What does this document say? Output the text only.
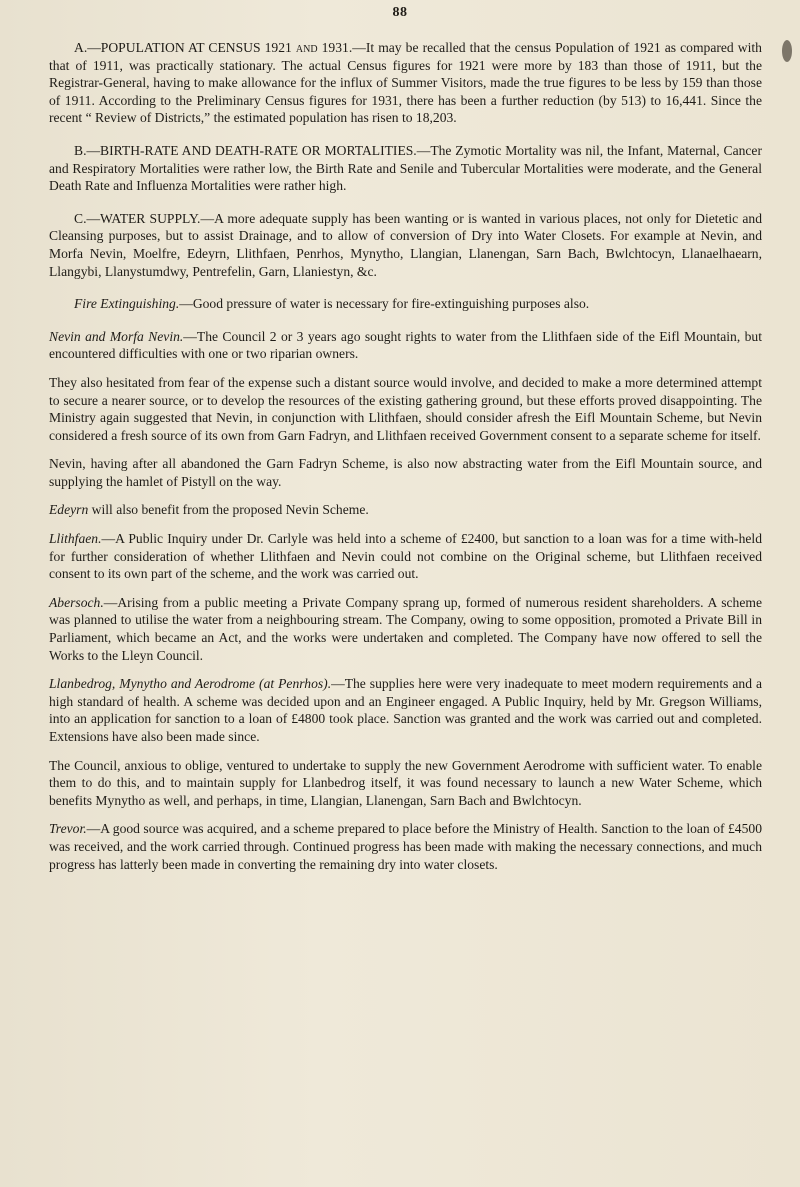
88

A.—POPULATION AT CENSUS 1921 and 1931.—It may be recalled that the census Population of 1921 as compared with that of 1911, was practically stationary. The actual Census figures for 1921 were more by 183 than those of 1911, but the Registrar-General, having to make allowance for the influx of Summer Visitors, made the true figures to be less by 159 than those of 1911. According to the Preliminary Census figures for 1931, there has been a further reduction (by 513) to 16,441. Since the recent “ Review of Districts,” the estimated population has risen to 18,203.

B.—BIRTH-RATE AND DEATH-RATE OR MORTALITIES.—The Zymotic Mortality was nil, the Infant, Maternal, Cancer and Respiratory Mortalities were rather low, the Birth Rate and Senile and Tubercular Mortalities were moderate, and the General Death Rate and Influenza Mortalities were rather high.

C.—WATER SUPPLY.—A more adequate supply has been wanting or is wanted in various places, not only for Dietetic and Cleansing purposes, but to assist Drainage, and to allow of conversion of Dry into Water Closets. For example at Nevin, and Morfa Nevin, Moelfre, Edeyrn, Llithfaen, Penrhos, Mynytho, Llangian, Llanengan, Sarn Bach, Bwlchtocyn, Llanaelhaearn, Llangybi, Llanystumdwy, Pentrefelin, Garn, Llaniestyn, &c.

Fire Extinguishing.—Good pressure of water is necessary for fire-extinguishing purposes also.

Nevin and Morfa Nevin.—The Council 2 or 3 years ago sought rights to water from the Llithfaen side of the Eifl Mountain, but encountered difficulties with one or two riparian owners.

They also hesitated from fear of the expense such a distant source would involve, and decided to make a more determined attempt to secure a nearer source, or to develop the resources of the existing gathering ground, but these efforts proved disappointing. The Ministry again suggested that Nevin, in conjunction with Llithfaen, should consider afresh the Eifl Mountain Scheme, but Nevin considered a fresh source of its own from Garn Fadryn, and Llithfaen received Government consent to a separate scheme for itself.

Nevin, having after all abandoned the Garn Fadryn Scheme, is also now abstracting water from the Eifl Mountain source, and supplying the hamlet of Pistyll on the way.

Edeyrn will also benefit from the proposed Nevin Scheme.

Llithfaen.—A Public Inquiry under Dr. Carlyle was held into a scheme of £2400, but sanction to a loan was for a time with-held for further consideration of whether Llithfaen and Nevin could not combine on the Original scheme, but Llithfaen received consent to its own part of the scheme, and the work was carried out.

Abersoch.—Arising from a public meeting a Private Company sprang up, formed of numerous resident shareholders. A scheme was planned to utilise the water from a neighbouring stream. The Company, owing to some opposition, promoted a Private Bill in Parliament, which became an Act, and the works were undertaken and completed. The Company have now offered to sell the Works to the Lleyn Council.

Llanbedrog, Mynytho and Aerodrome (at Penrhos).—The supplies here were very inadequate to meet modern requirements and a high standard of health. A scheme was decided upon and an Engineer engaged. A Public Inquiry, held by Mr. Gregson Williams, into an application for sanction to a loan of £4800 took place. Sanction was granted and the work was carried out and completed. Extensions have also been made since.

The Council, anxious to oblige, ventured to undertake to supply the new Government Aerodrome with sufficient water. To enable them to do this, and to maintain supply for Llanbedrog itself, it was found necessary to launch a new Water Scheme, which benefits Mynytho as well, and perhaps, in time, Llangian, Llanengan, Sarn Bach and Bwlchtocyn.

Trevor.—A good source was acquired, and a scheme prepared to place before the Ministry of Health. Sanction to the loan of £4500 was received, and the work carried through. Continued progress has been made with making the necessary connections, and much progress has latterly been made in converting the remaining dry into water closets.
